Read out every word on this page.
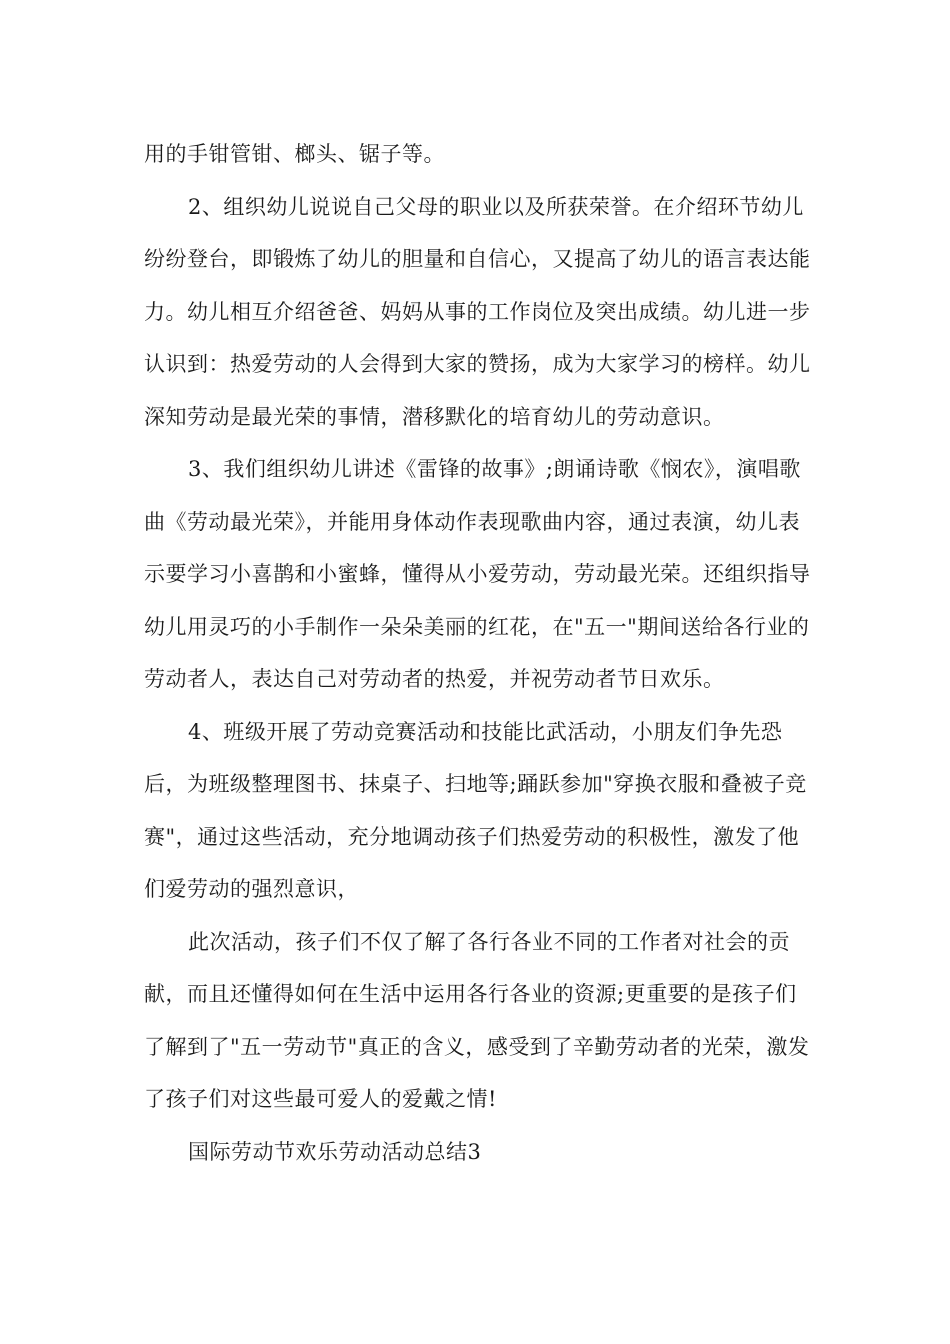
用的手钳管钳、榔头、锯子等。

2、组织幼儿说说自己父母的职业以及所获荣誉。在介绍环节幼儿纷纷登台，即锻炼了幼儿的胆量和自信心，又提高了幼儿的语言表达能力。幼儿相互介绍爸爸、妈妈从事的工作岗位及突出成绩。幼儿进一步认识到：热爱劳动的人会得到大家的赞扬，成为大家学习的榜样。幼儿深知劳动是最光荣的事情，潜移默化的培育幼儿的劳动意识。

3、我们组织幼儿讲述《雷锋的故事》;朗诵诗歌《悯农》，演唱歌曲《劳动最光荣》，并能用身体动作表现歌曲内容，通过表演，幼儿表示要学习小喜鹊和小蜜蜂，懂得从小爱劳动，劳动最光荣。还组织指导幼儿用灵巧的小手制作一朵朵美丽的红花，在"五一"期间送给各行业的劳动者人，表达自己对劳动者的热爱，并祝劳动者节日欢乐。

4、班级开展了劳动竞赛活动和技能比武活动，小朋友们争先恐后，为班级整理图书、抹桌子、扫地等;踊跃参加"穿换衣服和叠被子竞赛"，通过这些活动，充分地调动孩子们热爱劳动的积极性，激发了他们爱劳动的强烈意识，

此次活动，孩子们不仅了解了各行各业不同的工作者对社会的贡献，而且还懂得如何在生活中运用各行各业的资源;更重要的是孩子们了解到了"五一劳动节"真正的含义，感受到了辛勤劳动者的光荣，激发了孩子们对这些最可爱人的爱戴之情!

国际劳动节欢乐劳动活动总结3
